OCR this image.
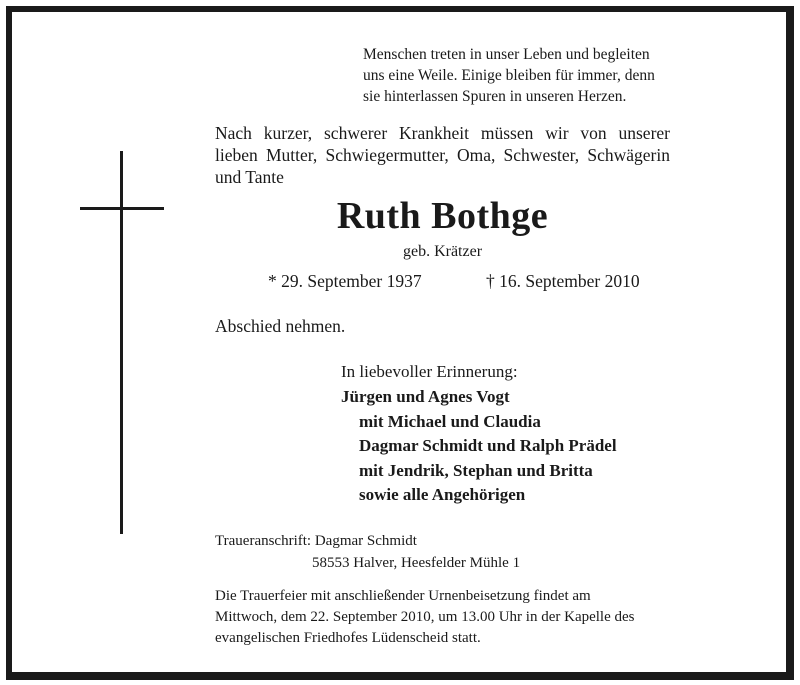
Menschen treten in unser Leben und begleiten
uns eine Weile. Einige bleiben für immer, denn
sie hinterlassen Spuren in unseren Herzen.
Nach kurzer, schwerer Krankheit müssen wir von unserer
lieben Mutter, Schwiegermutter, Oma, Schwester, Schwägerin
und Tante
Ruth Bothge
geb. Krätzer
* 29. September 1937	† 16. September 2010
Abschied nehmen.
In liebevoller Erinnerung:
Jürgen und Agnes Vogt
mit Michael und Claudia
Dagmar Schmidt und Ralph Prädel
mit Jendrik, Stephan und Britta
sowie alle Angehörigen
Traueranschrift: Dagmar Schmidt
58553 Halver, Heesfelder Mühle 1
Die Trauerfeier mit anschließender Urnenbeisetzung findet am
Mittwoch, dem 22. September 2010, um 13.00 Uhr in der Kapelle des
evangelischen Friedhofes Lüdenscheid statt.
